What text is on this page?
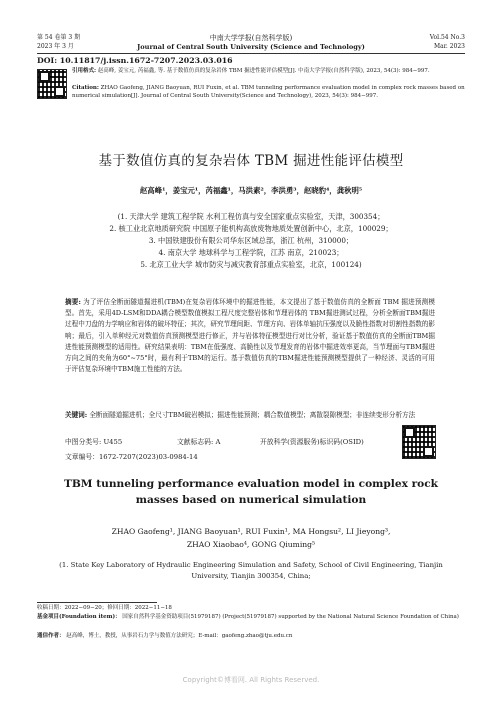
第 54 卷第 3 期
2023 年 3 月
中南大学学报(自然科学版)
Journal of Central South University (Science and Technology)
Vol.54 No.3
Mar. 2023
DOI: 10.11817/j.issn.1672-7207.2023.03.016
引用格式: 赵高峰, 姜宝元, 芮福鑫, 等. 基于数值仿真的复杂岩体 TBM 掘进性能评估模型[J]. 中南大学学报(自然科学版), 2023, 54(3): 984−997.
Citation: ZHAO Gaofeng, JIANG Baoyuan, RUI Fuxin, et al. TBM tunneling performance evaluation model in complex rock masses based on numerical simulation[J]. Journal of Central South University(Science and Technology), 2023, 54(3): 984−997.
基于数值仿真的复杂岩体 TBM 掘进性能评估模型
赵高峰¹，姜宝元¹，芮福鑫¹，马洪素²，李洪勇³，赵晓豹⁴，龚秋明⁵
(1. 天津大学 建筑工程学院 水利工程仿真与安全国家重点实验室，天津，300354；
2. 核工业北京地质研究院 中国原子能机构高放废物地质处置创新中心，北京，100029；
3. 中国铁建股份有限公司华东区域总部，浙江 杭州，310000；
4. 南京大学 地球科学与工程学院，江苏 南京，210023；
5. 北京工业大学 城市防灾与减灾教育部重点实验室，北京，100124)
摘要: 为了评估全断面隧道掘进机(TBM)在复杂岩体环境中的掘进性能，本文提出了基于数值仿真的全断面 TBM 掘进预测模型。首先，采用4D-LSM和DDA耦合模型数值模拟工程尺度完整岩体和节理岩体的 TBM掘进测试过程，分析全断面TBM掘进过程中刀盘的力学响应和岩体的破坏特征；其次，研究节理间距、节理方向、岩体单轴抗压强度以及脆性指数对切割性指数的影响；最后，引入单种经元对数值仿真预测模型进行修正，并与岩体特征模型进行对比分析，验证基于数值仿真的全断面TBM掘进性能预测模型的适用性。研究结果表明：TBM在低强度、高脆性以及节理发育的岩体中掘进效率更高，当节理面与TBM掘进方向之间的夹角为60°~75°时，最有利于TBM的运行。基于数值仿真的TBM掘进性能预测模型提供了一种经济、灵活的可用于评估复杂环境中TBM施工性能的方法。
关键词: 全断面隧道掘进机；全尺寸TBM破岩模拟；掘进性能预测；耦合数值模型；离散裂隙模型；非连续变形分析方法
中图分类号: U455	文献标志码: A	开放科学(资源服务)标识码(OSID)
文章编号：1672-7207(2023)03-0984-14
TBM tunneling performance evaluation model in complex rock
masses based on numerical simulation
ZHAO Gaofeng¹, JIANG Baoyuan¹, RUI Fuxin¹, MA Hongsu², LI Jieyong³,
ZHAO Xiaobao⁴, GONG Qiuming⁵
(1. State Key Laboratory of Hydraulic Engineering Simulation and Safety, School of Civil Engineering, Tianjin
University, Tianjin 300354, China;
收稿日期：2022−09−20；修回日期：2022−11−18
基金项目(Foundation item)： 国家自然科学基金资助项目(51979187) (Project(51979187) supported by the National Natural Science Foundation of China)
通信作者： 赵高峰，博士，教授，从事岩石力学与数值方法研究；E-mail：gaofeng.zhao@tju.edu.cn
Copyright©博看网. All Rights Reserved.
